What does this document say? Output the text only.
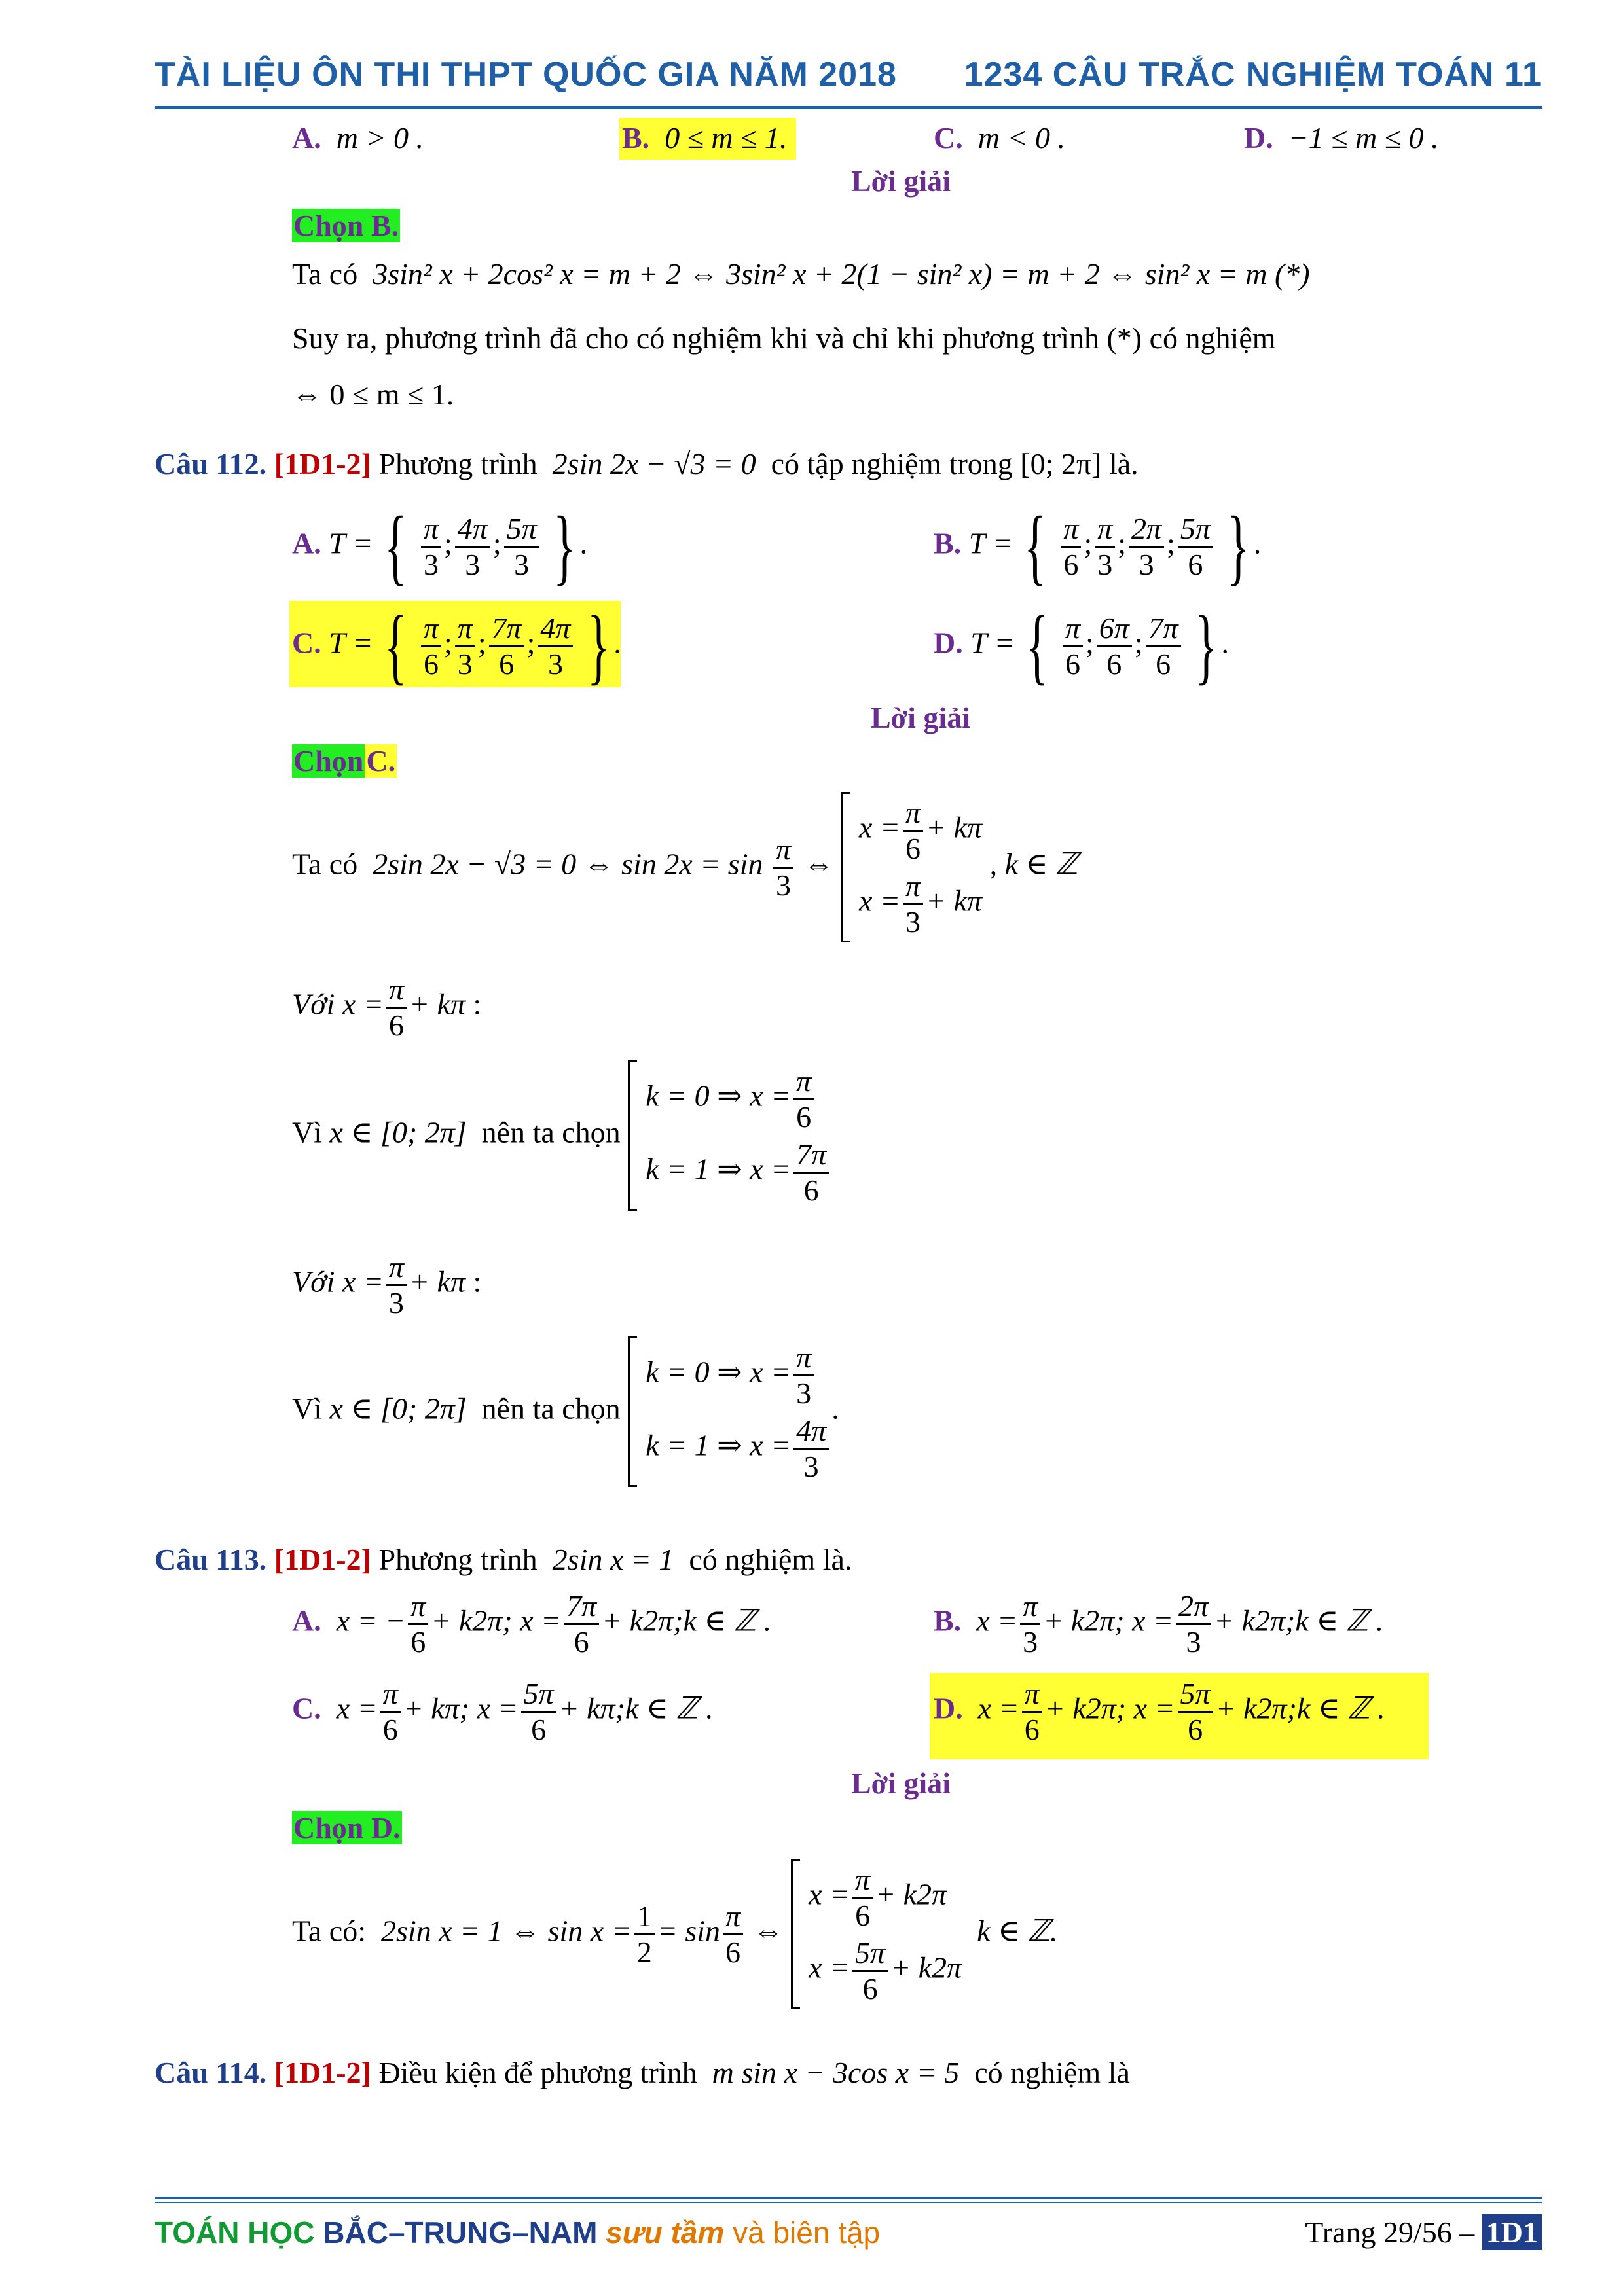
TÀI LIỆU ÔN THI THPT QUỐC GIA NĂM 2018 1234 CÂU TRẮC NGHIỆM TOÁN 11
A. m > 0 .	B. 0 ≤ m ≤ 1.	C. m < 0 .	D. −1 ≤ m ≤ 0 .
Lời giải
Chọn B.
Ta có 3sin² x + 2cos² x = m + 2 ⇔ 3sin² x + 2(1 − sin² x) = m + 2 ⇔ sin² x = m (*)
Suy ra, phương trình đã cho có nghiệm khi và chỉ khi phương trình (*) có nghiệm
⇔ 0 ≤ m ≤ 1.
Câu 112. [1D1-2] Phương trình 2sin 2x − √3 = 0 có tập nghiệm trong [0; 2π] là.
A. T = { $\frac{\pi}{3}$ ; $\frac{4\pi}{3}$ ; $\frac{5\pi}{3}$ } .	B. T = { $\frac{\pi}{6}$ ; $\frac{\pi}{3}$ ; $\frac{2\pi}{3}$ ; $\frac{5\pi}{6}$ } .
C. T = { $\frac{\pi}{6}$ ; $\frac{\pi}{3}$ ; $\frac{7\pi}{6}$ ; $\frac{4\pi}{3}$ } .	D. T = { $\frac{\pi}{6}$ ; $\frac{6\pi}{6}$ ; $\frac{7\pi}{6}$ } .
Lời giải
ChọnC.
Ta có 2sin 2x − √3 = 0 ⇔ $\sin 2x = \sin \frac{\pi}{3}$ ⇔
$x = \frac{\pi}{6} + k\pi$
$x = \frac{\pi}{3} + k\pi$
, k ∈ ℤ
Với $x = \frac{\pi}{6} + k\pi$ :
Vì x ∈ [0; 2π] nên ta chọn
k = 0 ⇒ $x = \frac{\pi}{6}$
k = 1 ⇒ $x = \frac{7\pi}{6}$
Với $x = \frac{\pi}{3} + k\pi$ :
Vì x ∈ [0; 2π] nên ta chọn
k = 0 ⇒ $x = \frac{\pi}{3}$
k = 1 ⇒ $x = \frac{4\pi}{3}$
.
Câu 113. [1D1-2] Phương trình 2sin x = 1 có nghiệm là.
A. x = − $\frac{\pi}{6} + k2\pi$; $x = \frac{7\pi}{6}$ + k2π;k ∈ ℤ .	B. $x = \frac{\pi}{3} + k2\pi$; $x = \frac{2\pi}{3}$ + k2π;k ∈ ℤ .
C. $x = \frac{\pi}{6} + k\pi$; $x = \frac{5\pi}{6}$ + kπ;k ∈ ℤ .	D. $x = \frac{\pi}{6} + k2\pi$; $x = \frac{5\pi}{6}$ + k2π;k ∈ ℤ .
Lời giải
Chọn D.
Ta có: 2sin x = 1 ⇔ $\sin x = \frac{1}{2} = \sin \frac{\pi}{6}$ ⇔
$x = \frac{\pi}{6} + k2\pi$
$x = \frac{5\pi}{6} + k2\pi$
k ∈ ℤ.
Câu 114. [1D1-2] Điều kiện để phương trình m sin x − 3cos x = 5 có nghiệm là
TOÁN HỌC BẮC–TRUNG–NAM sưu tầm và biên tập	Trang 29/56 – 1D1
